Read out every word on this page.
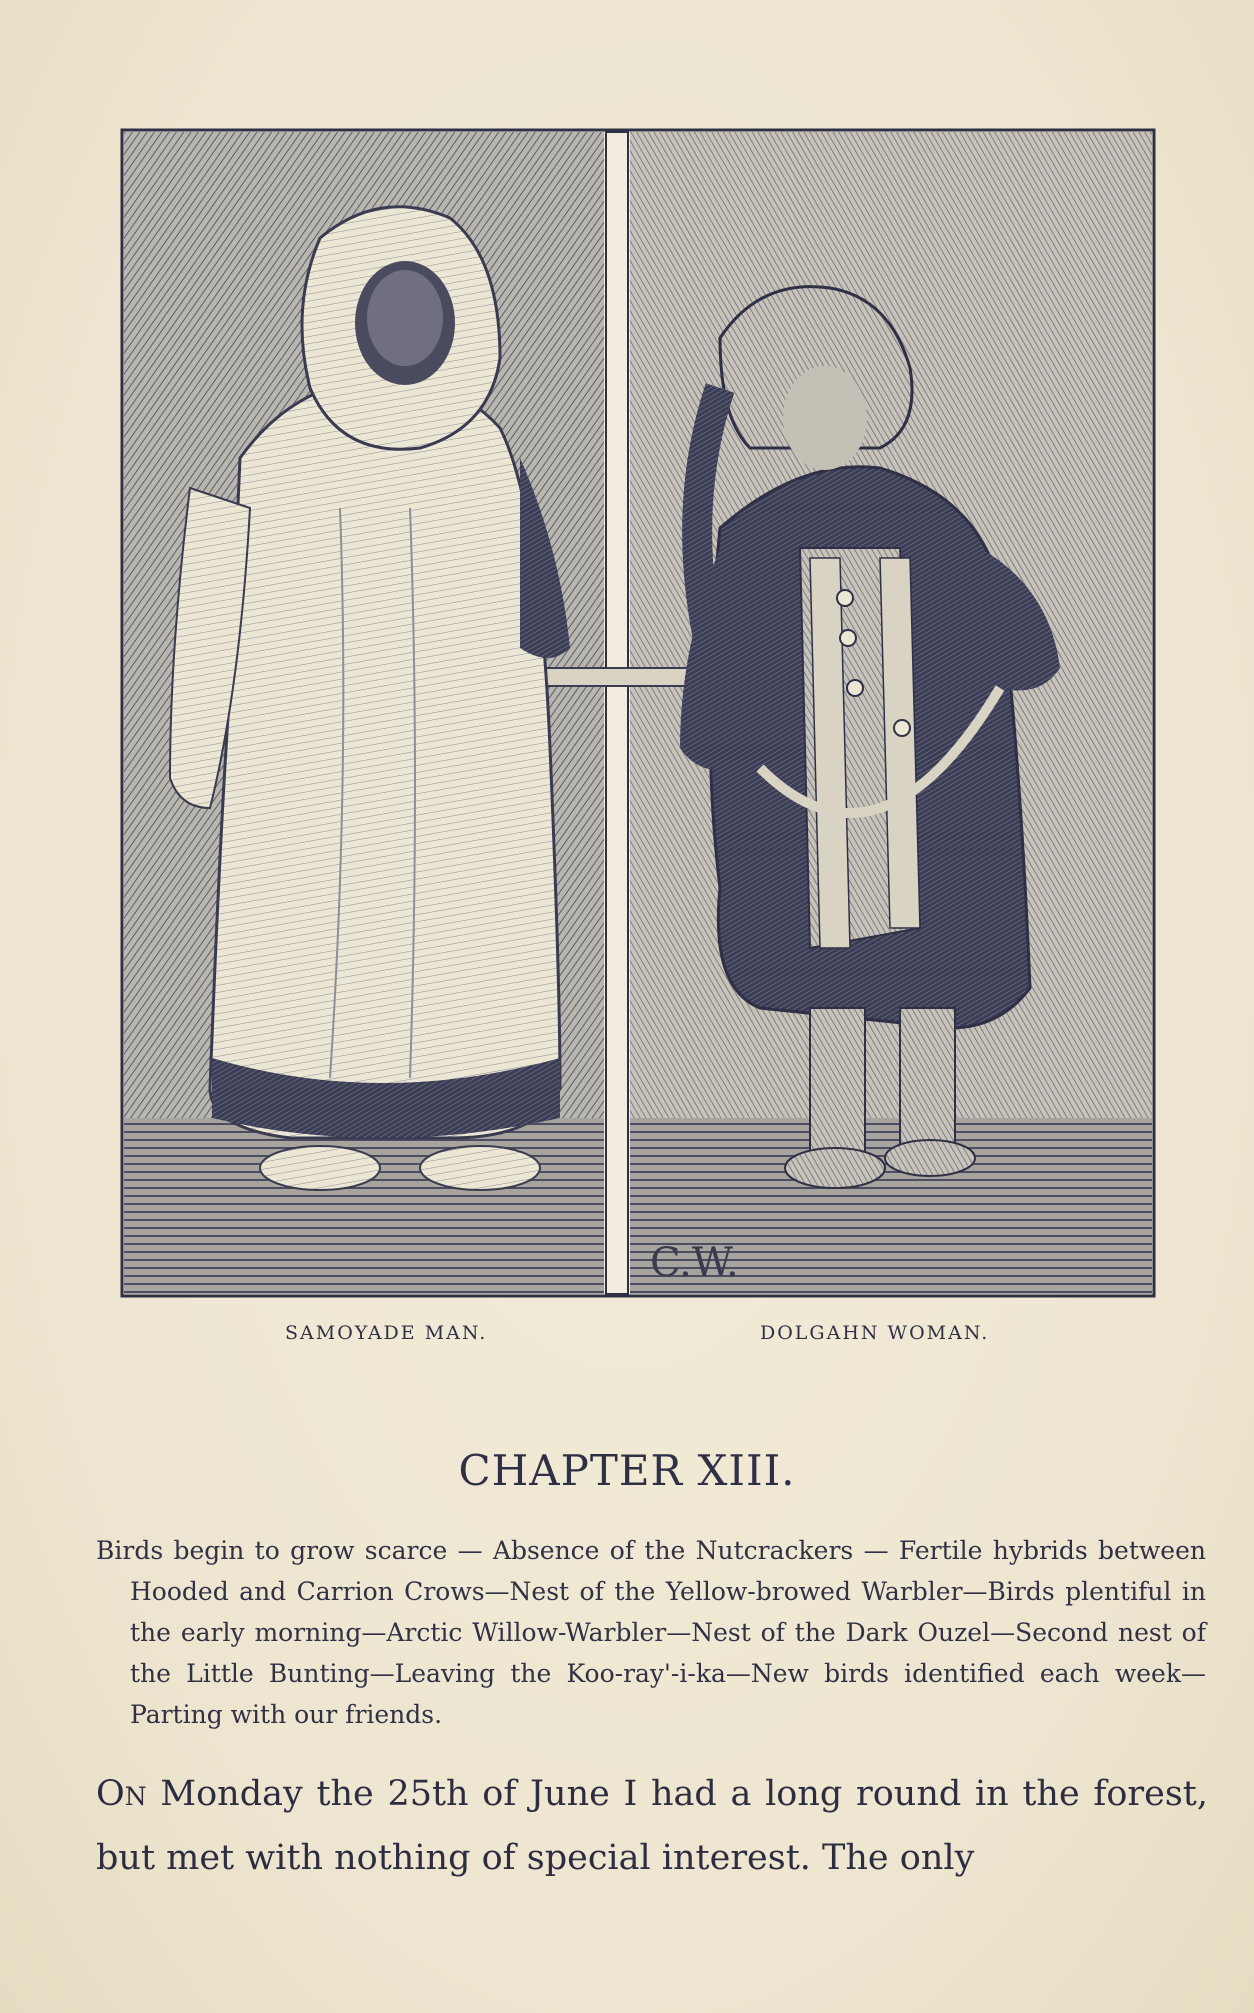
C.W.
SAMOYADE MAN.	DOLGAHN WOMAN.
CHAPTER XIII.

Birds begin to grow scarce — Absence of the Nutcrackers — Fertile hybrids between Hooded and Carrion Crows—Nest of the Yellow-browed Warbler—Birds plentiful in the early morning—Arctic Willow-Warbler—Nest of the Dark Ouzel—Second nest of the Little Bunting—Leaving the Koo-ray'-i-ka—New birds identified each week—Parting with our friends.

On Monday the 25th of June I had a long round in the forest, but met with nothing of special interest. The only
